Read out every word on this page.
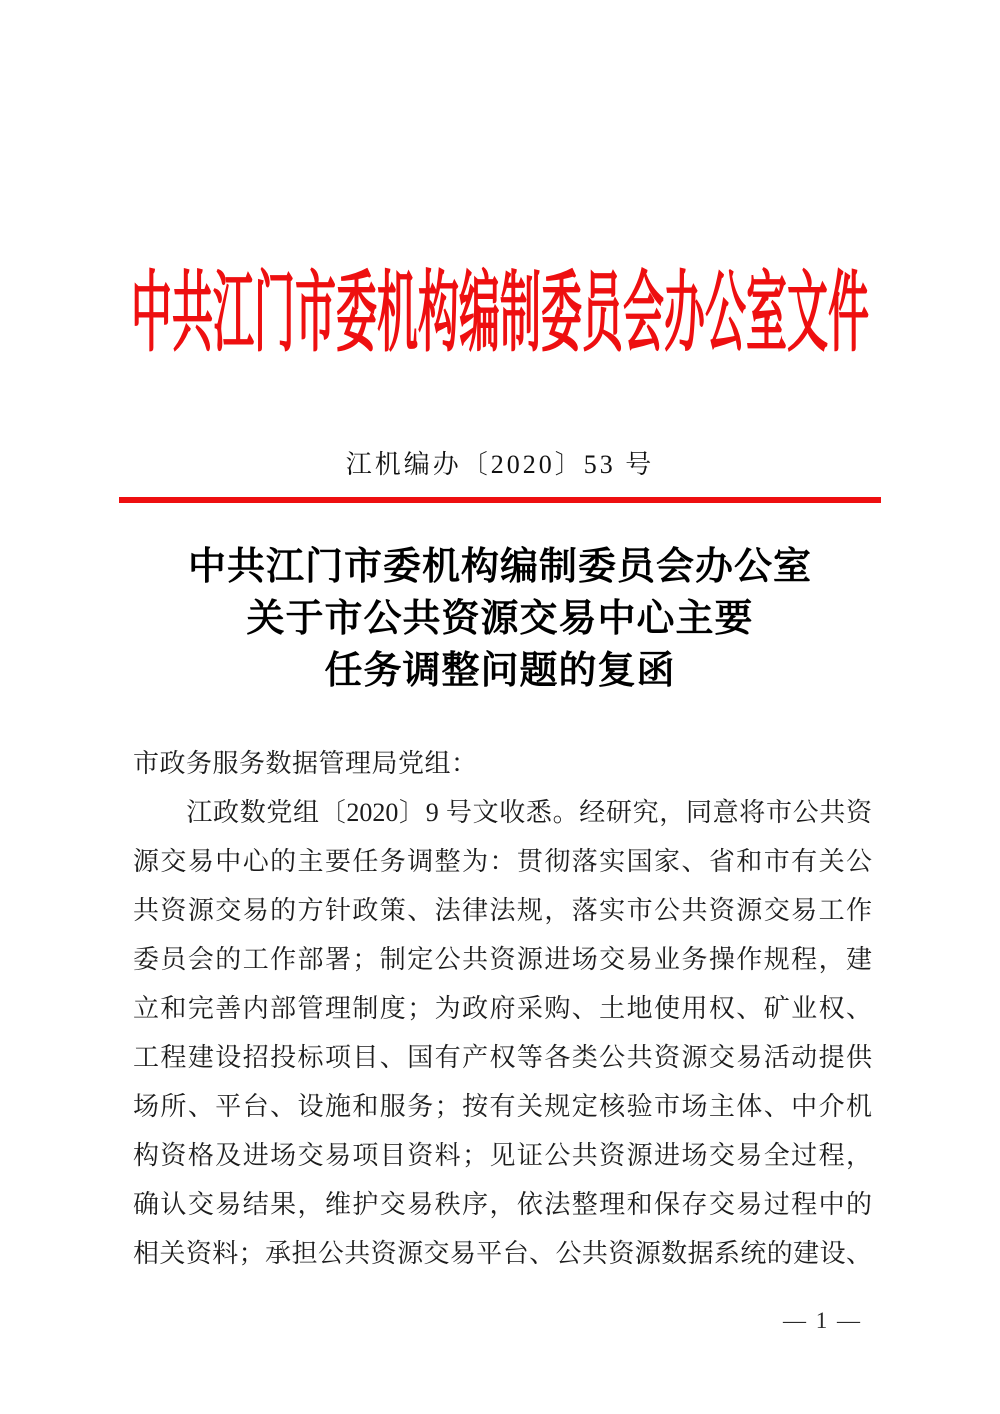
中共江门市委机构编制委员会办公室文件
江机编办〔2020〕53 号
中共江门市委机构编制委员会办公室
关于市公共资源交易中心主要
任务调整问题的复函
市政务服务数据管理局党组：
　　江政数党组〔2020〕9 号文收悉。经研究，同意将市公共资
源交易中心的主要任务调整为：贯彻落实国家、省和市有关公
共资源交易的方针政策、法律法规，落实市公共资源交易工作
委员会的工作部署；制定公共资源进场交易业务操作规程，建
立和完善内部管理制度；为政府采购、土地使用权、矿业权、
工程建设招投标项目、国有产权等各类公共资源交易活动提供
场所、平台、设施和服务；按有关规定核验市场主体、中介机
构资格及进场交易项目资料；见证公共资源进场交易全过程，
确认交易结果，维护交易秩序，依法整理和保存交易过程中的
相关资料；承担公共资源交易平台、公共资源数据系统的建设、
— 1 —
